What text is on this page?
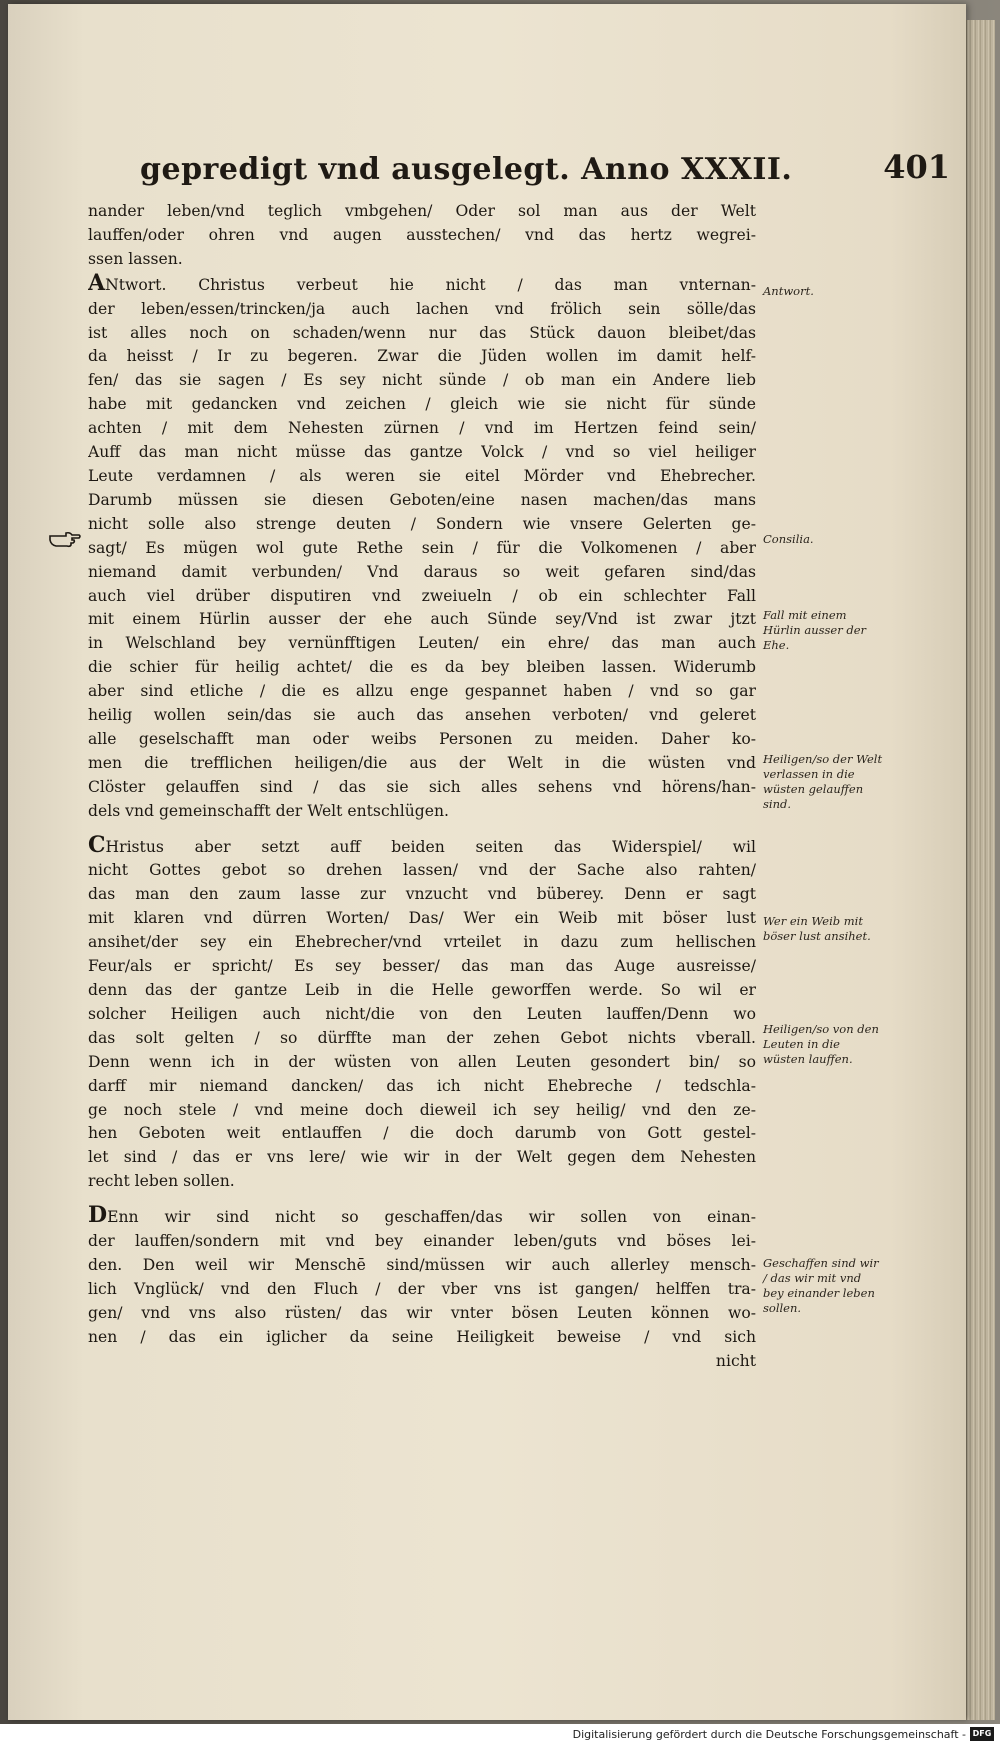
gepredigt vnd ausgelegt. Anno XXXII.	401
nander leben/vnd teglich vmbgehen/ Oder sol man aus der Welt
lauffen/oder ohren vnd augen ausstechen/ vnd das hertz wegrei-
ssen lassen.
ANtwort. Christus verbeut hie nicht / das man vnternan-
der leben/essen/trincken/ja auch lachen vnd frölich sein sölle/das
ist alles noch on schaden/wenn nur das Stück dauon bleibet/das
da heisst / Ir zu begeren. Zwar die Jüden wollen im damit helf-
fen/ das sie sagen / Es sey nicht sünde / ob man ein Andere lieb
habe mit gedancken vnd zeichen / gleich wie sie nicht für sünde
achten / mit dem Nehesten zürnen / vnd im Hertzen feind sein/
Auff das man nicht müsse das gantze Volck / vnd so viel heiliger
Leute verdamnen / als weren sie eitel Mörder vnd Ehebrecher.
Darumb müssen sie diesen Geboten/eine nasen machen/das mans
nicht solle also strenge deuten / Sondern wie vnsere Gelerten ge-
sagt/ Es mügen wol gute Rethe sein / für die Volkomenen / aber
niemand damit verbunden/ Vnd daraus so weit gefaren sind/das
auch viel drüber disputiren vnd zweiueln / ob ein schlechter Fall
mit einem Hürlin ausser der ehe auch Sünde sey/Vnd ist zwar jtzt
in Welschland bey vernünfftigen Leuten/ ein ehre/ das man auch
die schier für heilig achtet/ die es da bey bleiben lassen. Widerumb
aber sind etliche / die es allzu enge gespannet haben / vnd so gar
heilig wollen sein/das sie auch das ansehen verboten/ vnd geleret
alle geselschafft man oder weibs Personen zu meiden. Daher ko-
men die trefflichen heiligen/die aus der Welt in die wüsten vnd
Clöster gelauffen sind / das sie sich alles sehens vnd hörens/han-
dels vnd gemeinschafft der Welt entschlügen.
CHristus aber setzt auff beiden seiten das Widerspiel/ wil
nicht Gottes gebot so drehen lassen/ vnd der Sache also rahten/
das man den zaum lasse zur vnzucht vnd büberey. Denn er sagt
mit klaren vnd dürren Worten/ Das/ Wer ein Weib mit böser lust
ansihet/der sey ein Ehebrecher/vnd vrteilet in dazu zum hellischen
Feur/als er spricht/ Es sey besser/ das man das Auge ausreisse/
denn das der gantze Leib in die Helle geworffen werde. So wil er
solcher Heiligen auch nicht/die von den Leuten lauffen/Denn wo
das solt gelten / so dürffte man der zehen Gebot nichts vberall.
Denn wenn ich in der wüsten von allen Leuten gesondert bin/ so
darff mir niemand dancken/ das ich nicht Ehebreche / tedschla-
ge noch stele / vnd meine doch dieweil ich sey heilig/ vnd den ze-
hen Geboten weit entlauffen / die doch darumb von Gott gestel-
let sind / das er vns lere/ wie wir in der Welt gegen dem Nehesten
recht leben sollen.
DEnn wir sind nicht so geschaffen/das wir sollen von einan-
der lauffen/sondern mit vnd bey einander leben/guts vnd böses lei-
den. Den weil wir Menschē sind/müssen wir auch allerley mensch-
lich Vnglück/ vnd den Fluch / der vber vns ist gangen/ helffen tra-
gen/ vnd vns also rüsten/ das wir vnter bösen Leuten können wo-
nen / das ein iglicher da seine Heiligkeit beweise / vnd sich
nicht
Antwort.
Consilia.
Fall mit einem Hürlin ausser der Ehe.
Heiligen/so der Welt verlassen in die wüsten gelauffen sind.
Wer ein Weib mit böser lust ansihet.
Heiligen/so von den Leuten in die wüsten lauffen.
Geschaffen sind wir / das wir mit vnd bey einander leben sollen.
Digitalisierung gefördert durch die Deutsche Forschungsgemeinschaft - DFG
